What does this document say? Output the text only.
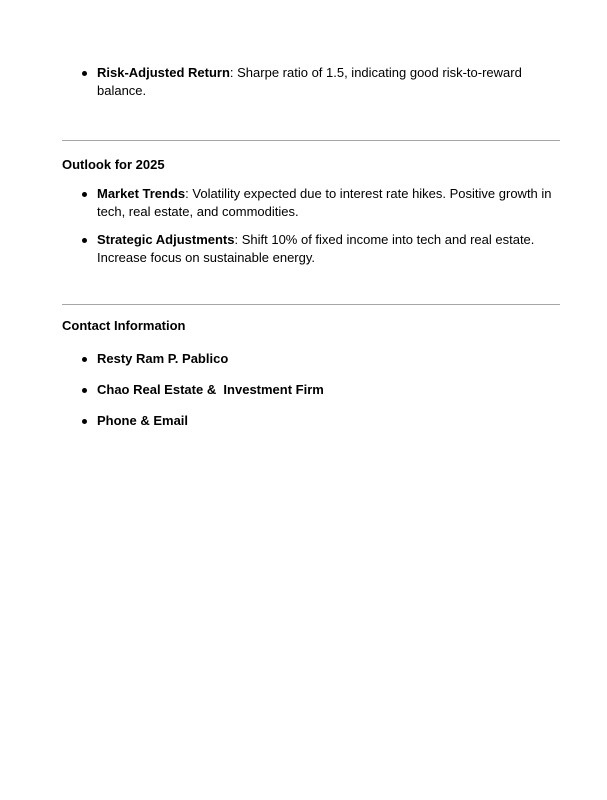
Risk-Adjusted Return: Sharpe ratio of 1.5, indicating good risk-to-reward balance.

Outlook for 2025

Market Trends: Volatility expected due to interest rate hikes. Positive growth in tech, real estate, and commodities.
Strategic Adjustments: Shift 10% of fixed income into tech and real estate. Increase focus on sustainable energy.

Contact Information

Resty Ram P. Pablico
Chao Real Estate &  Investment Firm
Phone & Email
